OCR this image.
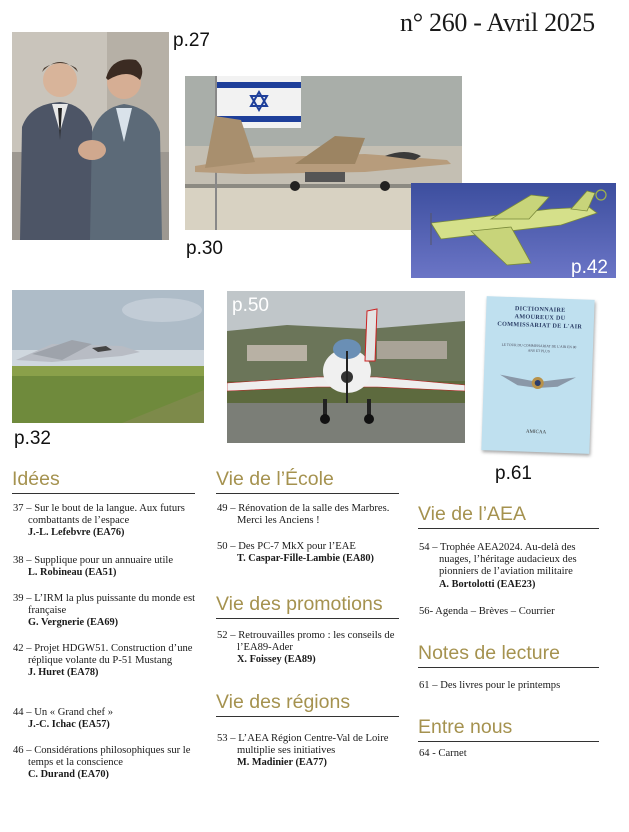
n° 260 - Avril 2025
p.27
p.30
p.42
p.32
p.50	DICTIONNAIRE AMOUREUX DU COMMISSARIAT DE L'AIR
LE TOUR DU COMMISSARIAT DE L'AIR EN 80 ANS ET PLUS
AMICAA
p.61
Idées
37 – Sur le bout de la langue. Aux futurs combattants de l’espace
J.-L. Lefebvre (EA76)
38 – Supplique pour un annuaire utile
L. Robineau (EA51)
39 – L’IRM la plus puissante du monde est française
G. Vergnerie (EA69)
42 – Projet HDGW51. Construction d’une réplique volante du P-51 Mustang
J. Huret (EA78)
44 – Un « Grand chef »
J.-C. Ichac (EA57)
46 – Considérations philosophiques sur le temps et la conscience
C. Durand (EA70)
Vie de l’École
49 – Rénovation de la salle des Marbres. Merci les Anciens !
50 – Des PC-7 MkX pour l’EAE
T. Caspar-Fille-Lambie (EA80)
Vie des promotions
52 – Retrouvailles promo : les conseils de l’EA89-Ader
X. Foissey (EA89)
Vie des régions
53 – L’AEA Région Centre-Val de Loire multiplie ses initiatives
M. Madinier (EA77)
Vie de l’AEA
54 – Trophée AEA2024. Au-delà des nuages, l’héritage audacieux des pionniers de l’aviation militaire
A. Bortolotti (EAE23)
56- Agenda – Brèves – Courrier
Notes de lecture
61 – Des livres pour le printemps
Entre nous
64 - Carnet
